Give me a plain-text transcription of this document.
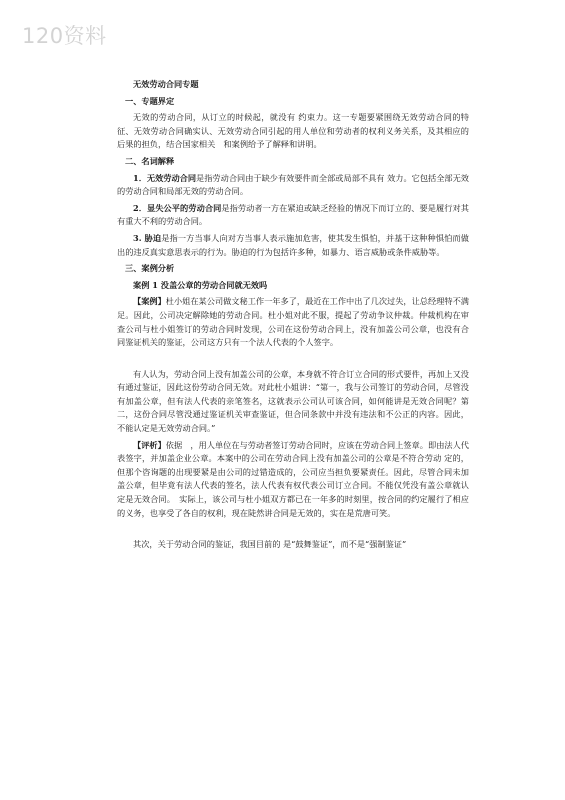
120资料
无效劳动合同专题
一、专题界定
无效的劳动合同，从订立的时候起，就没有 约束力。这一专题要紧围绕无效劳动合同的特征、无效劳动合同确实认、无效劳动合同引起的用人单位和劳动者的权利义务关系，及其相应的 后果的担负，结合国家相关　和案例给予了解释和讲明。
二、名词解释
1．无效劳动合同是指劳动合同由于缺少有效要件而全部或局部不具有 效力。它包括全部无效的劳动合同和局部无效的劳动合同。
2．显失公平的劳动合同是指劳动者一方在紧迫或缺乏经验的情况下而订立的、要是履行对其有重大不利的劳动合同。
3. 胁迫是指一方当事人向对方当事人表示施加危害，使其发生惧怕，并基于这种种惧怕而做出的违反真实意思表示的行为。胁迫的行为包括许多种，如暴力、语言威胁或条件威胁等。
三、案例分析
案例 1 没盖公章的劳动合同就无效吗
【案例】杜小姐在某公司做文秘工作一年多了，最近在工作中出了几次过失，让总经理特不满足。因此，公司决定解除她的劳动合同。杜小姐对此不服，提起了劳动争议仲裁。仲裁机构在审查公司与杜小姐签订的劳动合同时发现，公司在这份劳动合同上，没有加盖公司公章，也没有合同鉴证机关的鉴证，公司这方只有一个法人代表的个人签字。
有人认为，劳动合同上没有加盖公司的公章，本身就不符合订立合同的形式要件，再加上又没有通过鉴证，因此这份劳动合同无效。对此杜小姐讲：“第一，我与公司签订的劳动合同，尽管没有加盖公章，但有法人代表的亲笔签名，这就表示公司认可该合同，如何能讲是无效合同呢？第二，这份合同尽管没通过鉴证机关审查鉴证，但合同条款中并没有违法和不公正的内容。因此，不能认定是无效劳动合同。”
【评析】依据　，用人单位在与劳动者签订劳动合同时，应该在劳动合同上签章。即由法人代表签字，并加盖企业公章。本案中的公司在劳动合同上没有加盖公司的公章是不符合劳动 定的，但那个咨询题的出现要紧是由公司的过错造成的，公司应当担负要紧责任。因此，尽管合同未加盖公章，但毕竟有法人代表的签名，法人代表有权代表公司订立合同。不能仅凭没有盖公章就认定是无效合同。　实际上，该公司与杜小姐双方都已在一年多的时刻里，按合同的约定履行了相应的义务，也享受了各自的权利，现在陡然讲合同是无效的，实在是荒唐可笑。
其次，关于劳动合同的鉴证，我国目前的 是“鼓舞鉴证”，而不是“强制鉴证”
